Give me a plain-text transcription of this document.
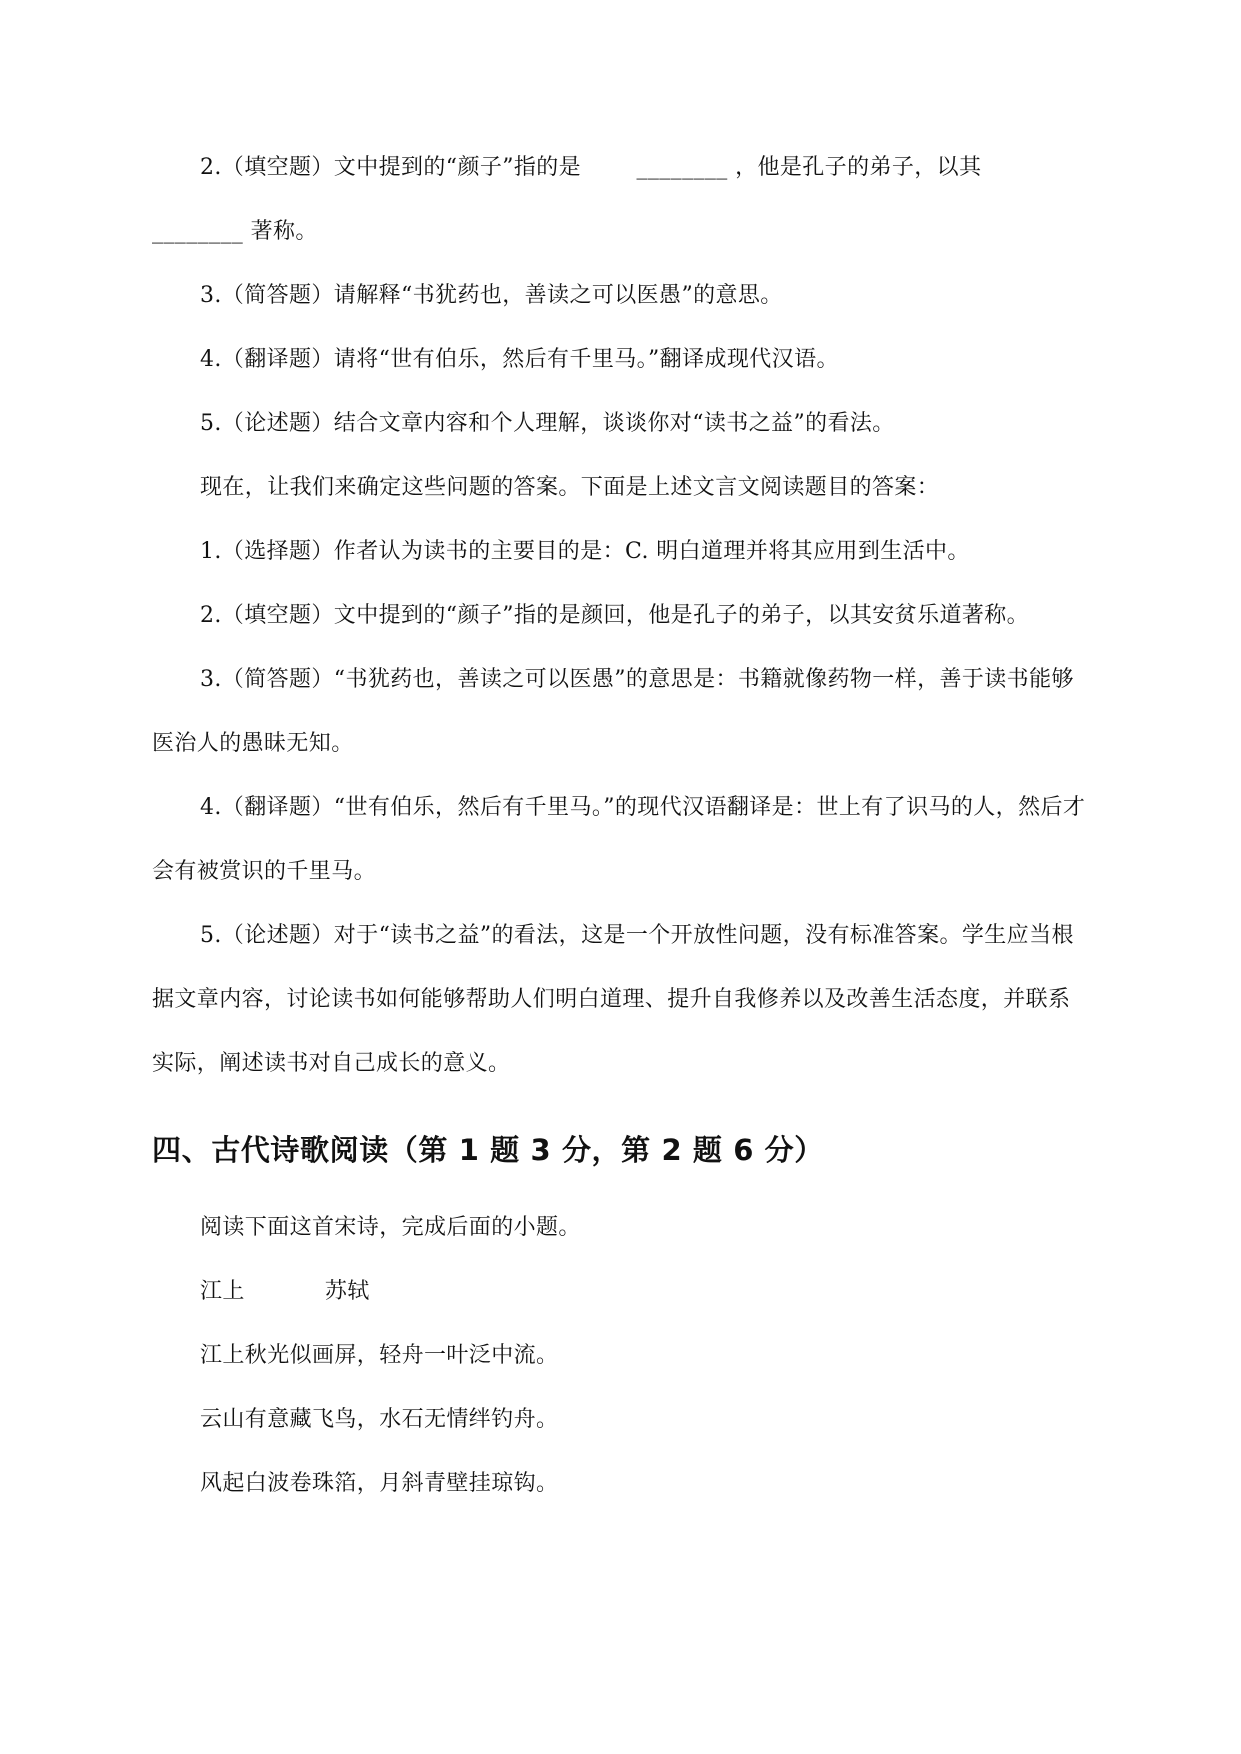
2.（填空题）文中提到的“颜子”指的是 ________ ，他是孔子的弟子，以其
________ 著称。

3.（简答题）请解释“书犹药也，善读之可以医愚”的意思。

4.（翻译题）请将“世有伯乐，然后有千里马。”翻译成现代汉语。

5.（论述题）结合文章内容和个人理解，谈谈你对“读书之益”的看法。

现在，让我们来确定这些问题的答案。下面是上述文言文阅读题目的答案：

1.（选择题）作者认为读书的主要目的是：C. 明白道理并将其应用到生活中。

2.（填空题）文中提到的“颜子”指的是颜回，他是孔子的弟子，以其安贫乐道著称。

3.（简答题）“书犹药也，善读之可以医愚”的意思是：书籍就像药物一样，善于读书能够医治人的愚昧无知。

4.（翻译题）“世有伯乐，然后有千里马。”的现代汉语翻译是：世上有了识马的人，然后才会有被赏识的千里马。

5.（论述题）对于“读书之益”的看法，这是一个开放性问题，没有标准答案。学生应当根据文章内容，讨论读书如何能够帮助人们明白道理、提升自我修养以及改善生活态度，并联系实际，阐述读书对自己成长的意义。

四、古代诗歌阅读（第 1 题 3 分，第 2 题 6 分）

阅读下面这首宋诗，完成后面的小题。

江上	苏轼

江上秋光似画屏，轻舟一叶泛中流。

云山有意藏飞鸟，水石无情绊钓舟。

风起白波卷珠箔，月斜青壁挂琼钩。
